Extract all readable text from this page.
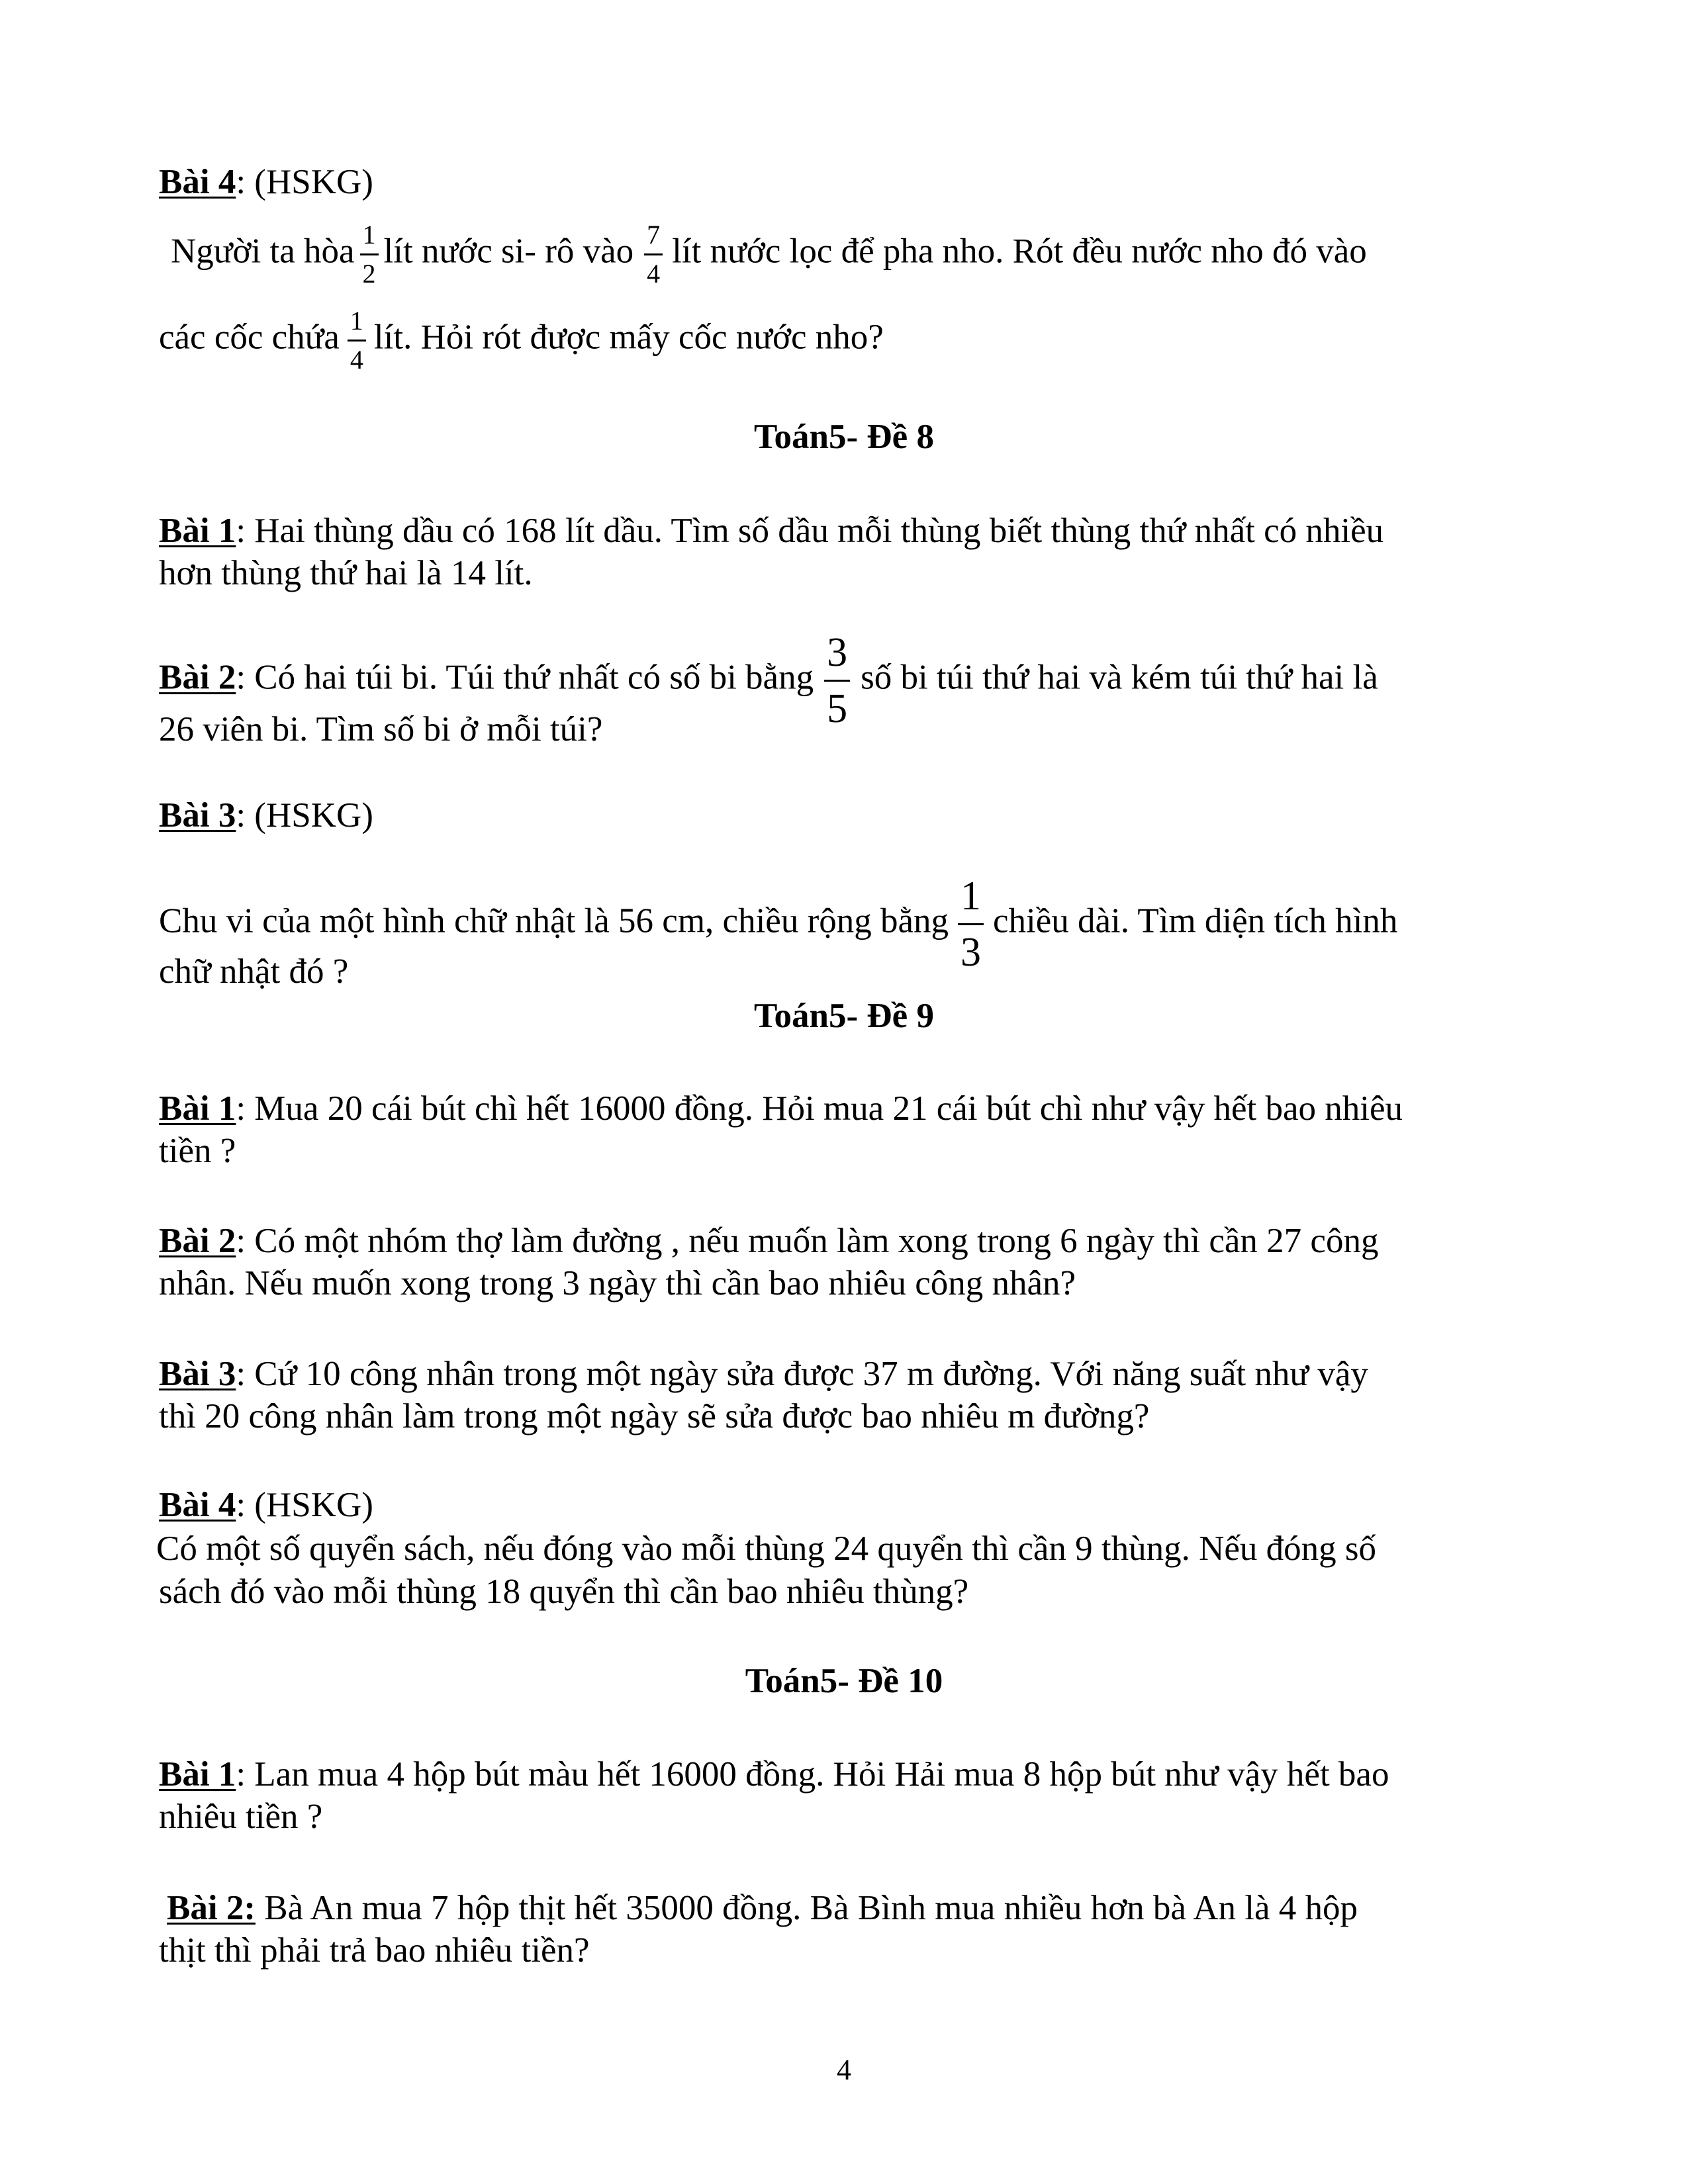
Bài 4: (HSKG)
Người ta hòa $\frac{1}{2}$ lít nước si- rô vào $\frac{7}{4}$ lít nước lọc để pha nho. Rót đều nước nho đó vào
các cốc chứa $\frac{1}{4}$ lít. Hỏi rót được mấy cốc nước nho?
Toán5- Đề 8
Bài 1: Hai thùng dầu có 168 lít dầu. Tìm số dầu mỗi thùng biết thùng thứ nhất có nhiều
hơn thùng thứ hai là 14 lít.
Bài 2: Có hai túi bi. Túi thứ nhất có số bi bằng $\frac{3}{5}$ số bi túi thứ hai và kém túi thứ hai là
26 viên bi. Tìm số bi ở mỗi túi?
Bài 3: (HSKG)
Chu vi của một hình chữ nhật là 56 cm, chiều rộng bằng $\frac{1}{3}$ chiều dài. Tìm diện tích hình
chữ nhật đó ?
Toán5- Đề 9
Bài 1: Mua 20 cái bút chì hết 16000 đồng. Hỏi mua 21 cái bút chì như vậy hết bao nhiêu
tiền ?
Bài 2: Có một nhóm thợ làm đường , nếu muốn làm xong trong 6 ngày thì cần 27 công
nhân. Nếu muốn xong trong 3 ngày thì cần bao nhiêu công nhân?
Bài 3: Cứ 10 công nhân trong một ngày sửa được 37 m đường. Với năng suất như vậy
thì 20 công nhân làm trong một ngày sẽ sửa được bao nhiêu m đường?
Bài 4: (HSKG)
Có một số quyển sách, nếu đóng vào mỗi thùng 24 quyển thì cần 9 thùng. Nếu đóng số
sách đó vào mỗi thùng 18 quyển thì cần bao nhiêu thùng?
Toán5- Đề 10
Bài 1: Lan mua 4 hộp bút màu hết 16000 đồng. Hỏi Hải mua 8 hộp bút như vậy hết bao
nhiêu tiền ?
Bài 2: Bà An mua 7 hộp thịt hết 35000 đồng. Bà Bình mua nhiều hơn bà An là 4 hộp
thịt thì phải trả bao nhiêu tiền?
4
